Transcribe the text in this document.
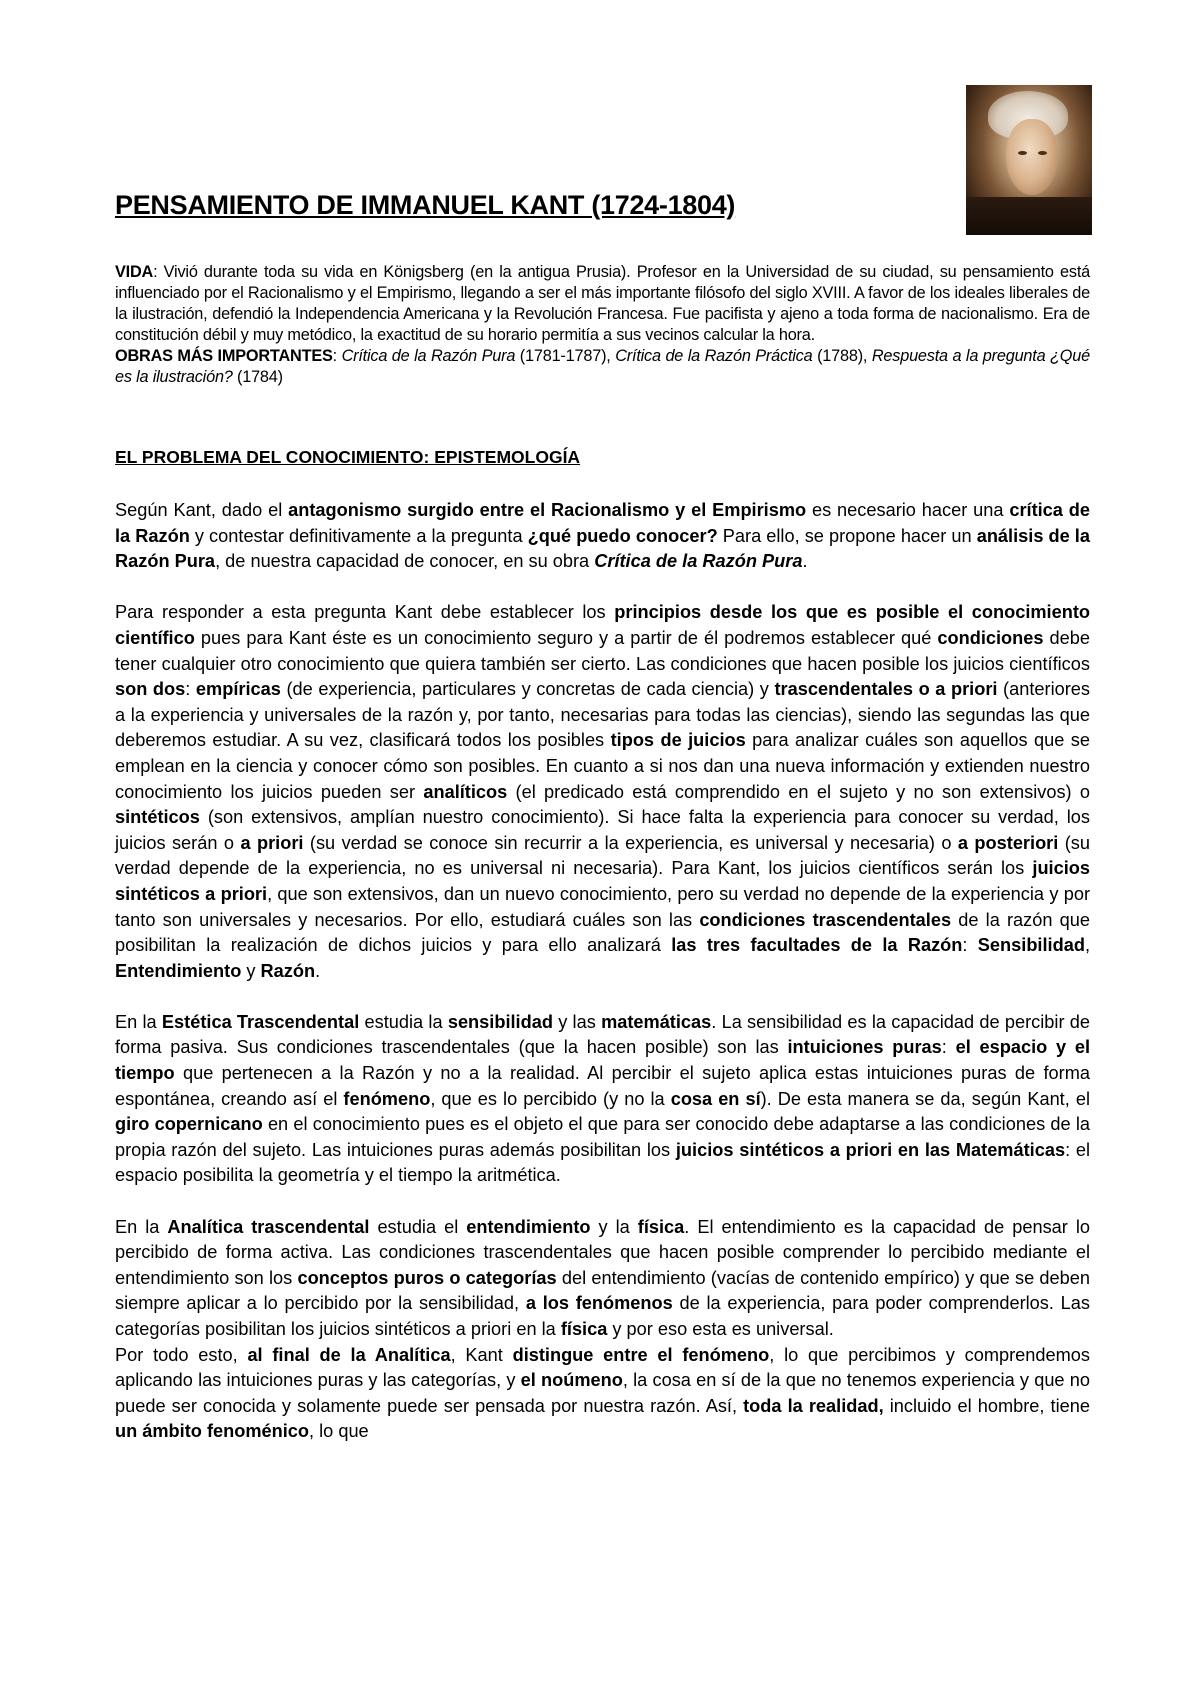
PENSAMIENTO DE IMMANUEL KANT (1724-1804)

VIDA: Vivió durante toda su vida en Königsberg (en la antigua Prusia). Profesor en la Universidad de su ciudad, su pensamiento está influenciado por el Racionalismo y el Empirismo, llegando a ser el más importante filósofo del siglo XVIII. A favor de los ideales liberales de la ilustración, defendió la Independencia Americana y la Revolución Francesa. Fue pacifista y ajeno a toda forma de nacionalismo. Era de constitución débil y muy metódico, la exactitud de su horario permitía a sus vecinos calcular la hora.

OBRAS MÁS IMPORTANTES: Crítica de la Razón Pura (1781-1787), Crítica de la Razón Práctica (1788), Respuesta a la pregunta ¿Qué es la ilustración? (1784)

EL PROBLEMA DEL CONOCIMIENTO: EPISTEMOLOGÍA

Según Kant, dado el antagonismo surgido entre el Racionalismo y el Empirismo es necesario hacer una crítica de la Razón y contestar definitivamente a la pregunta ¿qué puedo conocer? Para ello, se propone hacer un análisis de la Razón Pura, de nuestra capacidad de conocer, en su obra Crítica de la Razón Pura.

Para responder a esta pregunta Kant debe establecer los principios desde los que es posible el conocimiento científico pues para Kant éste es un conocimiento seguro y a partir de él podremos establecer qué condiciones debe tener cualquier otro conocimiento que quiera también ser cierto. Las condiciones que hacen posible los juicios científicos son dos: empíricas (de experiencia, particulares y concretas de cada ciencia) y trascendentales o a priori (anteriores a la experiencia y universales de la razón y, por tanto, necesarias para todas las ciencias), siendo las segundas las que deberemos estudiar. A su vez, clasificará todos los posibles tipos de juicios para analizar cuáles son aquellos que se emplean en la ciencia y conocer cómo son posibles. En cuanto a si nos dan una nueva información y extienden nuestro conocimiento los juicios pueden ser analíticos (el predicado está comprendido en el sujeto y no son extensivos) o sintéticos (son extensivos, amplían nuestro conocimiento). Si hace falta la experiencia para conocer su verdad, los juicios serán o a priori (su verdad se conoce sin recurrir a la experiencia, es universal y necesaria) o a posteriori (su verdad depende de la experiencia, no es universal ni necesaria). Para Kant, los juicios científicos serán los juicios sintéticos a priori, que son extensivos, dan un nuevo conocimiento, pero su verdad no depende de la experiencia y por tanto son universales y necesarios. Por ello, estudiará cuáles son las condiciones trascendentales de la razón que posibilitan la realización de dichos juicios y para ello analizará las tres facultades de la Razón: Sensibilidad, Entendimiento y Razón.

En la Estética Trascendental estudia la sensibilidad y las matemáticas. La sensibilidad es la capacidad de percibir de forma pasiva. Sus condiciones trascendentales (que la hacen posible) son las intuiciones puras: el espacio y el tiempo que pertenecen a la Razón y no a la realidad. Al percibir el sujeto aplica estas intuiciones puras de forma espontánea, creando así el fenómeno, que es lo percibido (y no la cosa en sí). De esta manera se da, según Kant, el giro copernicano en el conocimiento pues es el objeto el que para ser conocido debe adaptarse a las condiciones de la propia razón del sujeto. Las intuiciones puras además posibilitan los juicios sintéticos a priori en las Matemáticas: el espacio posibilita la geometría y el tiempo la aritmética.

En la Analítica trascendental estudia el entendimiento y la física. El entendimiento es la capacidad de pensar lo percibido de forma activa. Las condiciones trascendentales que hacen posible comprender lo percibido mediante el entendimiento son los conceptos puros o categorías del entendimiento (vacías de contenido empírico) y que se deben siempre aplicar a lo percibido por la sensibilidad, a los fenómenos de la experiencia, para poder comprenderlos. Las categorías posibilitan los juicios sintéticos a priori en la física y por eso esta es universal.

Por todo esto, al final de la Analítica, Kant distingue entre el fenómeno, lo que percibimos y comprendemos aplicando las intuiciones puras y las categorías, y el noúmeno, la cosa en sí de la que no tenemos experiencia y que no puede ser conocida y solamente puede ser pensada por nuestra razón. Así, toda la realidad, incluido el hombre, tiene un ámbito fenoménico, lo que
